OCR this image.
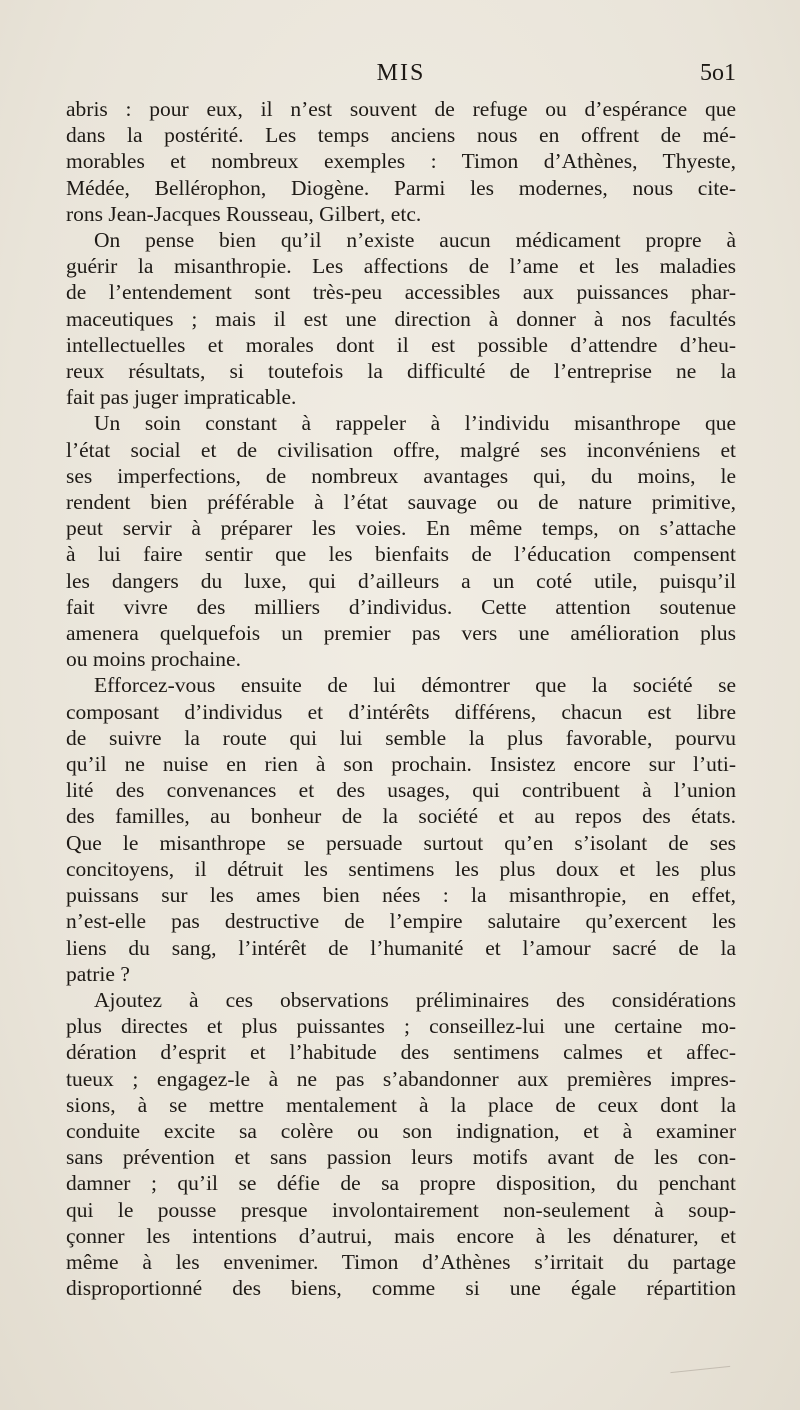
MIS	5o1
abris : pour eux, il n’est souvent de refuge ou d’espérance que
dans la postérité. Les temps anciens nous en offrent de mé-
morables et nombreux exemples : Timon d’Athènes, Thyeste,
Médée, Bellérophon, Diogène. Parmi les modernes, nous cite-
rons Jean-Jacques Rousseau, Gilbert, etc.
On pense bien qu’il n’existe aucun médicament propre à
guérir la misanthropie. Les affections de l’ame et les maladies
de l’entendement sont très-peu accessibles aux puissances phar-
maceutiques ; mais il est une direction à donner à nos facultés
intellectuelles et morales dont il est possible d’attendre d’heu-
reux résultats, si toutefois la difficulté de l’entreprise ne la
fait pas juger impraticable.
Un soin constant à rappeler à l’individu misanthrope que
l’état social et de civilisation offre, malgré ses inconvéniens et
ses imperfections, de nombreux avantages qui, du moins, le
rendent bien préférable à l’état sauvage ou de nature primitive,
peut servir à préparer les voies. En même temps, on s’attache
à lui faire sentir que les bienfaits de l’éducation compensent
les dangers du luxe, qui d’ailleurs a un coté utile, puisqu’il
fait vivre des milliers d’individus. Cette attention soutenue
amenera quelquefois un premier pas vers une amélioration plus
ou moins prochaine.
Efforcez-vous ensuite de lui démontrer que la société se
composant d’individus et d’intérêts différens, chacun est libre
de suivre la route qui lui semble la plus favorable, pourvu
qu’il ne nuise en rien à son prochain. Insistez encore sur l’uti-
lité des convenances et des usages, qui contribuent à l’union
des familles, au bonheur de la société et au repos des états.
Que le misanthrope se persuade surtout qu’en s’isolant de ses
concitoyens, il détruit les sentimens les plus doux et les plus
puissans sur les ames bien nées : la misanthropie, en effet,
n’est-elle pas destructive de l’empire salutaire qu’exercent les
liens du sang, l’intérêt de l’humanité et l’amour sacré de la
patrie ?
Ajoutez à ces observations préliminaires des considérations
plus directes et plus puissantes ; conseillez-lui une certaine mo-
dération d’esprit et l’habitude des sentimens calmes et affec-
tueux ; engagez-le à ne pas s’abandonner aux premières impres-
sions, à se mettre mentalement à la place de ceux dont la
conduite excite sa colère ou son indignation, et à examiner
sans prévention et sans passion leurs motifs avant de les con-
damner ; qu’il se défie de sa propre disposition, du penchant
qui le pousse presque involontairement non-seulement à soup-
çonner les intentions d’autrui, mais encore à les dénaturer, et
même à les envenimer. Timon d’Athènes s’irritait du partage
disproportionné des biens, comme si une égale répartition
